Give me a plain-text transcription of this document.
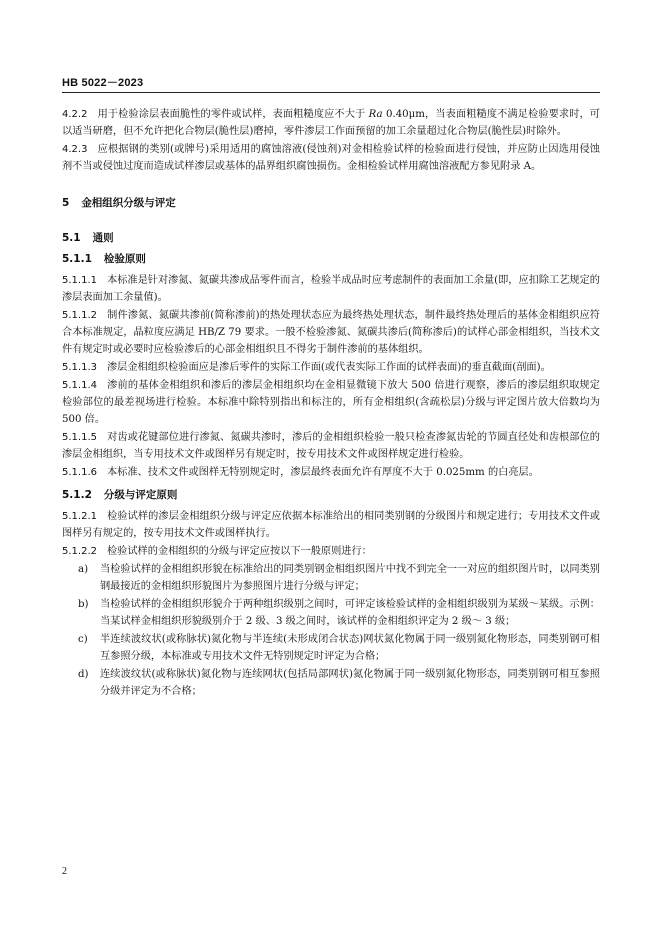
HB 5022－2023

4.2.2 用于检验涂层表面脆性的零件或试样，表面粗糙度应不大于 Ra 0.40μm，当表面粗糙度不满足检验要求时，可以适当研磨，但不允许把化合物层(脆性层)磨掉，零件渗层工作面预留的加工余量超过化合物层(脆性层)时除外。

4.2.3 应根据钢的类别(或牌号)采用适用的腐蚀溶液(侵蚀剂)对金相检验试样的检验面进行侵蚀，并应防止因选用侵蚀剂不当或侵蚀过度而造成试样渗层或基体的晶界组织腐蚀损伤。金相检验试样用腐蚀溶液配方参见附录 A。

5 金相组织分级与评定

5.1 通则

5.1.1 检验原则

5.1.1.1 本标准是针对渗氮、氮碳共渗成品零件而言，检验半成品时应考虑制件的表面加工余量(即，应扣除工艺规定的渗层表面加工余量值)。

5.1.1.2 制件渗氮、氮碳共渗前(简称渗前)的热处理状态应为最终热处理状态，制件最终热处理后的基体金相组织应符合本标准规定，晶粒度应满足 HB/Z 79 要求。一般不检验渗氮、氮碳共渗后(简称渗后)的试样心部金相组织，当技术文件有规定时或必要时应检验渗后的心部金相组织且不得劣于制件渗前的基体组织。

5.1.1.3 渗层金相组织检验面应是渗后零件的实际工作面(或代表实际工作面的试样表面)的垂直截面(剖面)。

5.1.1.4 渗前的基体金相组织和渗后的渗层金相组织均在金相显微镜下放大 500 倍进行观察，渗后的渗层组织取规定检验部位的最差视场进行检验。本标准中除特别指出和标注的，所有金相组织(含疏松层)分级与评定图片放大倍数均为 500 倍。

5.1.1.5 对齿或花键部位进行渗氮、氮碳共渗时，渗后的金相组织检验一般只检查渗氮齿轮的节圆直径处和齿根部位的渗层金相组织，当专用技术文件或图样另有规定时，按专用技术文件或图样规定进行检验。

5.1.1.6 本标准、技术文件或图样无特别规定时，渗层最终表面允许有厚度不大于 0.025mm 的白亮层。

5.1.2 分级与评定原则

5.1.2.1 检验试样的渗层金相组织分级与评定应依据本标准给出的相同类别钢的分级图片和规定进行；专用技术文件或图样另有规定的，按专用技术文件或图样执行。

5.1.2.2 检验试样的金相组织的分级与评定应按以下一般原则进行：

a) 当检验试样的金相组织形貌在标准给出的同类别钢金相组织图片中找不到完全一一对应的组织图片时，以同类别钢最接近的金相组织形貌图片为参照图片进行分级与评定；
b) 当检验试样的金相组织形貌介于两种组织级别之间时，可评定该检验试样的金相组织级别为某级～某级。示例：当某试样金相组织形貌级别介于 2 级、3 级之间时，该试样的金相组织评定为 2 级～ 3 级；
c) 半连续波纹状(或称脉状)氮化物与半连续(未形成闭合状态)网状氮化物属于同一级别氮化物形态，同类别钢可相互参照分级，本标准或专用技术文件无特别规定时评定为合格；
d) 连续波纹状(或称脉状)氮化物与连续网状(包括局部网状)氮化物属于同一级别氮化物形态，同类别钢可相互参照分级并评定为不合格；
2
